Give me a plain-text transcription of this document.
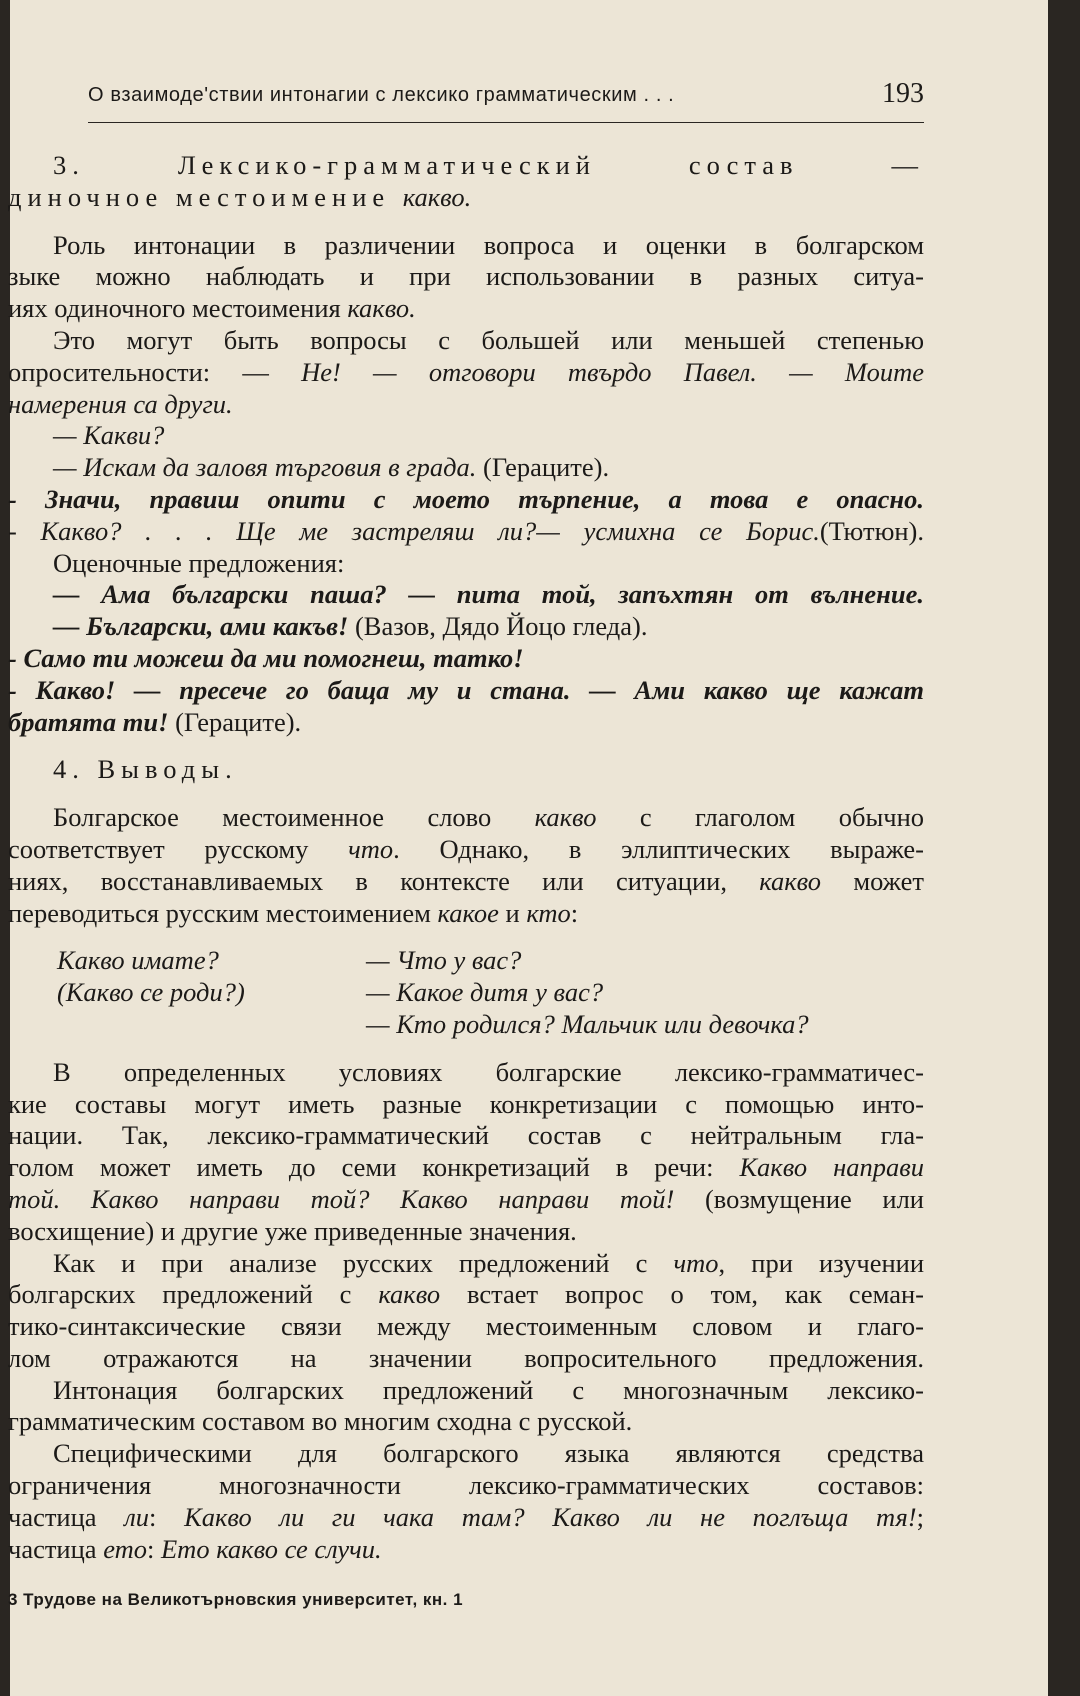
О взаимоде'ствии интонагии с лексико грамматическим . . .	193
3. Лексико-грамматический состав —
диночное местоимение какво.
Роль интонации в различении вопроса и оценки в болгарском
зыке можно наблюдать и при использовании в разных ситуа-
иях одиночного местоимения какво.
Это могут быть вопросы с большей или меньшей степенью
опросительности: — Не! — отговори твърдо Павел. — Моите
намерения са други.
— Какви?
— Искам да заловя търговия в града. (Гераците).
- Значи, правиш опити с моето търпение, а това е опасно.
- Какво? . . . Ще ме застреляш ли?— усмихна се Борис.(Тютюн).
Оценочные предложения:
— Ама български паша? — пита той, запъхтян от вълнение.
— Български, ами какъв! (Вазов, Дядо Йоцо гледа).
- Само ти можеш да ми помогнеш, татко!
- Какво! — пресече го баща му и стана. — Ами какво ще кажат
братята ти! (Гераците).
4. Выводы.
Болгарское местоименное слово какво с глаголом обычно
соответствует русскому что. Однако, в эллиптических выраже-
ниях, восстанавливаемых в контексте или ситуации, какво может
переводиться русским местоимением какое и кто:
Какво имате?	— Что у вас?
(Какво се роди?)	— Какое дитя у вас?
— Кто родился? Мальчик или девочка?
В определенных условиях болгарские лексико-грамматичес-
кие составы могут иметь разные конкретизации с помощью инто-
нации. Так, лексико-грамматический состав с нейтральным гла-
голом может иметь до семи конкретизаций в речи: Какво направи
той. Какво направи той? Какво направи той! (возмущение или
восхищение) и другие уже приведенные значения.
Как и при анализе русских предложений с что, при изучении
болгарских предложений с какво встает вопрос о том, как семан-
тико-синтаксические связи между местоименным словом и глаго-
лом отражаются на значении вопросительного предложения.
Интонация болгарских предложений с многозначным лексико-
грамматическим составом во многим сходна с русской.
Специфическими для болгарского языка являются средства
ограничения многозначности лексико-грамматических составов:
частица ли: Какво ли ги чака там? Какво ли не поглъща тя!;
частица ето: Ето какво се случи.
3 Трудове на Великотърновския университет, кн. 1
